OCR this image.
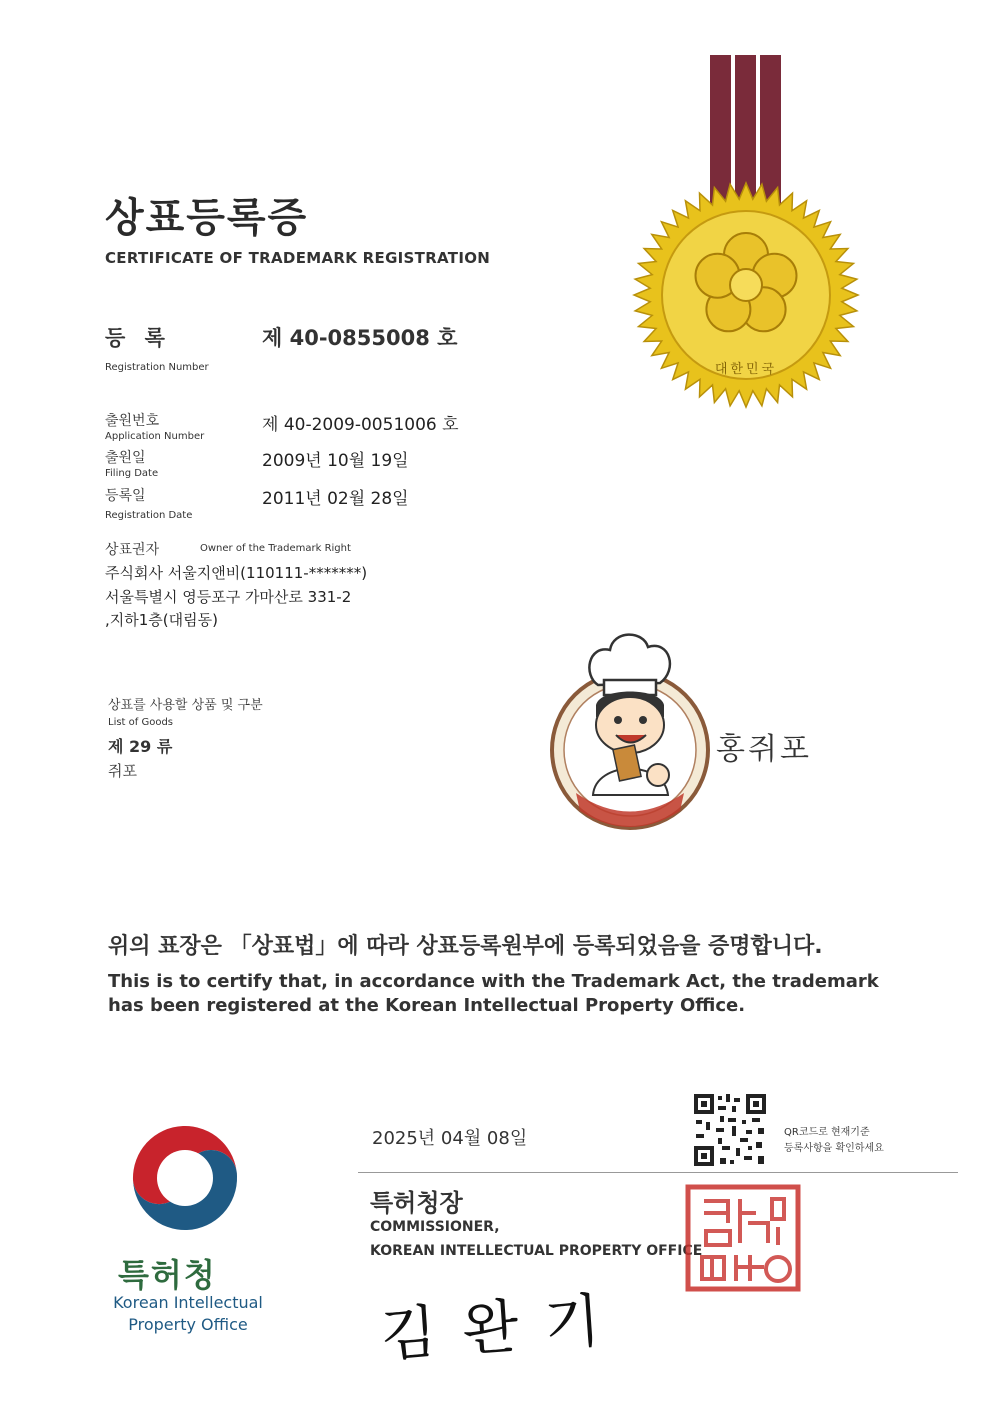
상표등록증
CERTIFICATE OF TRADEMARK REGISTRATION
대한민국
등 록
Registration Number
제 40-0855008 호
출원번호
Application Number
제 40-2009-0051006 호
출원일
Filing Date
2009년 10월 19일
등록일
Registration Date
2011년 02월 28일
상표권자	Owner of the Trademark Right
주식회사 서울지앤비(110111-*******)
서울특별시 영등포구 가마산로 331-2
,지하1층(대림동)
상표를 사용할 상품 및 구분
List of Goods
제 29 류
쥐포
홍쥐포
위의 표장은 「상표법」에 따라 상표등록원부에 등록되었음을 증명합니다.
This is to certify that, in accordance with the Trademark Act, the trademark has been registered at the Korean Intellectual Property Office.
특허청
Korean Intellectual
Property Office
2025년 04월 08일	QR코드로 현재기준
등록사항을 확인하세요
특허청장
COMMISSIONER,
KOREAN INTELLECTUAL PROPERTY OFFICE
김완기
